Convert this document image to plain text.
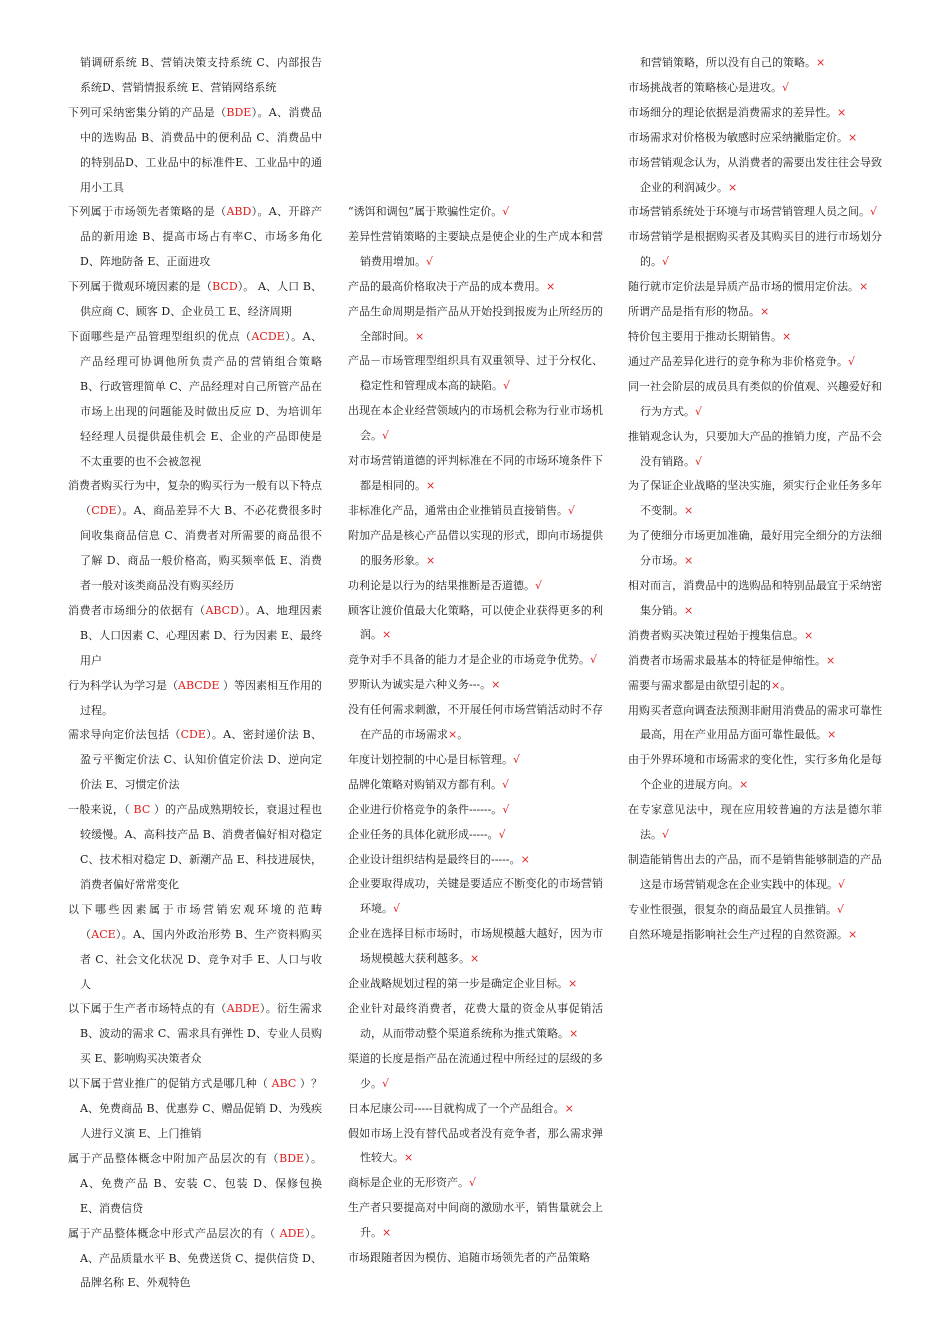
销调研系统 B、营销决策支持系统 C、内部报告系统D、营销情报系统 E、营销网络系统

下列可采纳密集分销的产品是（BDE）。A、消费品中的选购品 B、消费品中的便利品 C、消费品中的特别品D、工业品中的标准件E、工业品中的通用小工具

下列属于市场领先者策略的是（ABD）。A、开辟产品的新用途 B、提高市场占有率C、市场多角化 D、阵地防备 E、正面进攻

下列属于微观环境因素的是（BCD）。 A、人口 B、供应商 C、顾客 D、企业员工 E、经济周期

下面哪些是产品管理型组织的优点（ACDE）。A、产品经理可协调他所负责产品的营销组合策略 B、行政管理简单 C、产品经理对自己所管产品在市场上出现的问题能及时做出反应 D、为培训年轻经理人员提供最佳机会 E、企业的产品即使是不太重要的也不会被忽视

消费者购买行为中，复杂的购买行为一般有以下特点（CDE）。A、商品差异不大 B、不必花费很多时间收集商品信息 C、消费者对所需要的商品很不了解 D、商品一般价格高，购买频率低 E、消费者一般对该类商品没有购买经历

消费者市场细分的依据有（ABCD）。A、地理因素 B、人口因素 C、心理因素 D、行为因素 E、最终用户

行为科学认为学习是（ABCDE ）等因素相互作用的过程。

需求导向定价法包括（CDE）。A、密封递价法 B、盈亏平衡定价法 C、认知价值定价法 D、逆向定价法 E、习惯定价法

一般来说，（ BC ）的产品成熟期较长，衰退过程也较缓慢。A、高科技产品 B、消费者偏好相对稳定 C、技术相对稳定 D、新潮产品 E、科技进展快，消费者偏好常常变化

以下哪些因素属于市场营销宏观环境的范畴（ACE）。A、国内外政治形势 B、生产资料购买者 C、社会文化状况 D、竞争对手 E、人口与收人

以下属于生产者市场特点的有（ABDE）。衍生需求 B、波动的需求 C、需求具有弹性 D、专业人员购买 E、影响购买决策者众

以下属于营业推广的促销方式是哪几种（ ABC ）？ A、免费商品 B、优惠券 C、赠品促销 D、为残疾人进行义演 E、上门推销

属于产品整体概念中附加产品层次的有（BDE）。A、免费产品 B、安装 C、包装 D、保修包换 E、消费信贷

属于产品整体概念中形式产品层次的有（ ADE）。A、产品质量水平 B、免费送货 C、提供信贷 D、品牌名称 E、外观特色

“诱饵和调包”属于欺骗性定价。√

差异性营销策略的主要缺点是使企业的生产成本和营销费用增加。√

产品的最高价格取决于产品的成本费用。×

产品生命周期是指产品从开始投到报废为止所经历的全部时间。×

产品－市场管理型组织具有双重领导、过于分权化、稳定性和管理成本高的缺陷。√

出现在本企业经营领域内的市场机会称为行业市场机会。√

对市场营销道德的评判标准在不同的市场环境条件下都是相同的。×

非标准化产品，通常由企业推销员直接销售。√

附加产品是核心产品借以实现的形式，即向市场提供的服务形象。×

功利论是以行为的结果推断是否道德。√

顾客让渡价值最大化策略，可以使企业获得更多的利润。×

竞争对手不具备的能力才是企业的市场竞争优势。√

罗斯认为诚实是六种义务---。×

没有任何需求刺激，不开展任何市场营销活动时不存在产品的市场需求×。

年度计划控制的中心是目标管理。√

品牌化策略对购销双方都有利。√

企业进行价格竞争的条件------。√

企业任务的具体化就形成-----。√

企业设计组织结构是最终目的-----。×

企业要取得成功，关键是要适应不断变化的市场营销环境。√

企业在选择目标市场时，市场规模越大越好，因为市场规模越大获利越多。×

企业战略规划过程的第一步是确定企业目标。×

企业针对最终消费者，花费大量的资金从事促销活动，从而带动整个渠道系统称为推式策略。×

渠道的长度是指产品在流通过程中所经过的层级的多少。√

日本尼康公司-----目就构成了一个产品组合。×

假如市场上没有替代品或者没有竞争者，那么需求弹性较大。×

商标是企业的无形资产。√

生产者只要提高对中间商的激励水平，销售量就会上升。×

市场跟随者因为模仿、追随市场领先者的产品策略

和营销策略，所以没有自己的策略。×

市场挑战者的策略核心是进攻。√

市场细分的理论依据是消费需求的差异性。×

市场需求对价格极为敏感时应采纳撇脂定价。×

市场营销观念认为，从消费者的需要出发往往会导致企业的利润减少。×

市场营销系统处于环境与市场营销管理人员之间。√

市场营销学是根据购买者及其购买目的进行市场划分的。√

随行就市定价法是异质产品市场的惯用定价法。×

所谓产品是指有形的物品。×

特价包主要用于推动长期销售。×

通过产品差异化进行的竞争称为非价格竞争。√

同一社会阶层的成员具有类似的价值观、兴趣爱好和行为方式。√

推销观念认为，只要加大产品的推销力度，产品不会没有销路。√

为了保证企业战略的坚决实施，须实行企业任务多年不变制。×

为了使细分市场更加准确，最好用完全细分的方法细分市场。×

相对而言，消费品中的选购品和特别品最宜于采纳密集分销。×

消费者购买决策过程始于搜集信息。×

消费者市场需求最基本的特征是伸缩性。×

需要与需求都是由欲望引起的×。

用购买者意向调查法预测非耐用消费品的需求可靠性最高，用在产业用品方面可靠性最低。×

由于外界环境和市场需求的变化性，实行多角化是每个企业的进展方向。×

在专家意见法中，现在应用较普遍的方法是德尔菲法。√

制造能销售出去的产品，而不是销售能够制造的产品这是市场营销观念在企业实践中的体现。√

专业性很强，很复杂的商品最宜人员推销。√

自然环境是指影响社会生产过程的自然资源。×
